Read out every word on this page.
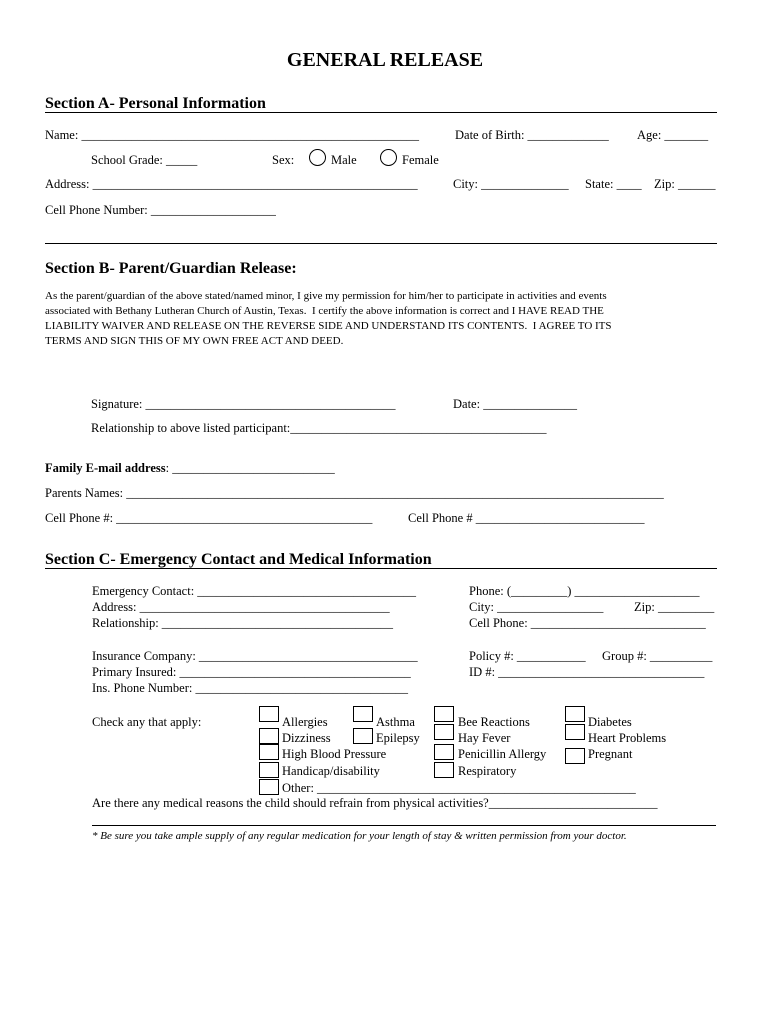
GENERAL RELEASE
Section A- Personal Information
Name: ______________________________________________________	Date of Birth: _____________ Age: _______
School Grade: _____	Sex:	Male	Female
Address: ____________________________________________________	City: ______________ State: ____ Zip: ______
Cell Phone Number: ____________________
Section B- Parent/Guardian Release:
As the parent/guardian of the above stated/named minor, I give my permission for him/her to participate in activities and events
associated with Bethany Lutheran Church of Austin, Texas.  I certify the above information is correct and I HAVE READ THE
LIABILITY WAIVER AND RELEASE ON THE REVERSE SIDE AND UNDERSTAND ITS CONTENTS.  I AGREE TO ITS
TERMS AND SIGN THIS OF MY OWN FREE ACT AND DEED.
Signature: ________________________________________	Date: _______________
Relationship to above listed participant:_________________________________________
Family E-mail address: __________________________
Parents Names: ______________________________________________________________________________________
Cell Phone #: _________________________________________	Cell Phone # ___________________________
Section C- Emergency Contact and Medical Information
Emergency Contact: ___________________________________	Phone: (_________) ____________________
Address: ________________________________________	City: _________________ Zip: _________
Relationship: _____________________________________	Cell Phone: ____________________________
Insurance Company: ___________________________________	Policy #: ___________ Group #: __________
Primary Insured: _____________________________________	ID #: _________________________________
Ins. Phone Number: __________________________________
Check any that apply:	Allergies
Dizziness
High Blood Pressure
Handicap/disability
Other: ___________________________________________________
Asthma
Epilepsy
Bee Reactions
Hay Fever
Penicillin Allergy
Respiratory
Diabetes
Heart Problems
Pregnant
Are there any medical reasons the child should refrain from physical activities?___________________________
* Be sure you take ample supply of any regular medication for your length of stay & written permission from your doctor.
